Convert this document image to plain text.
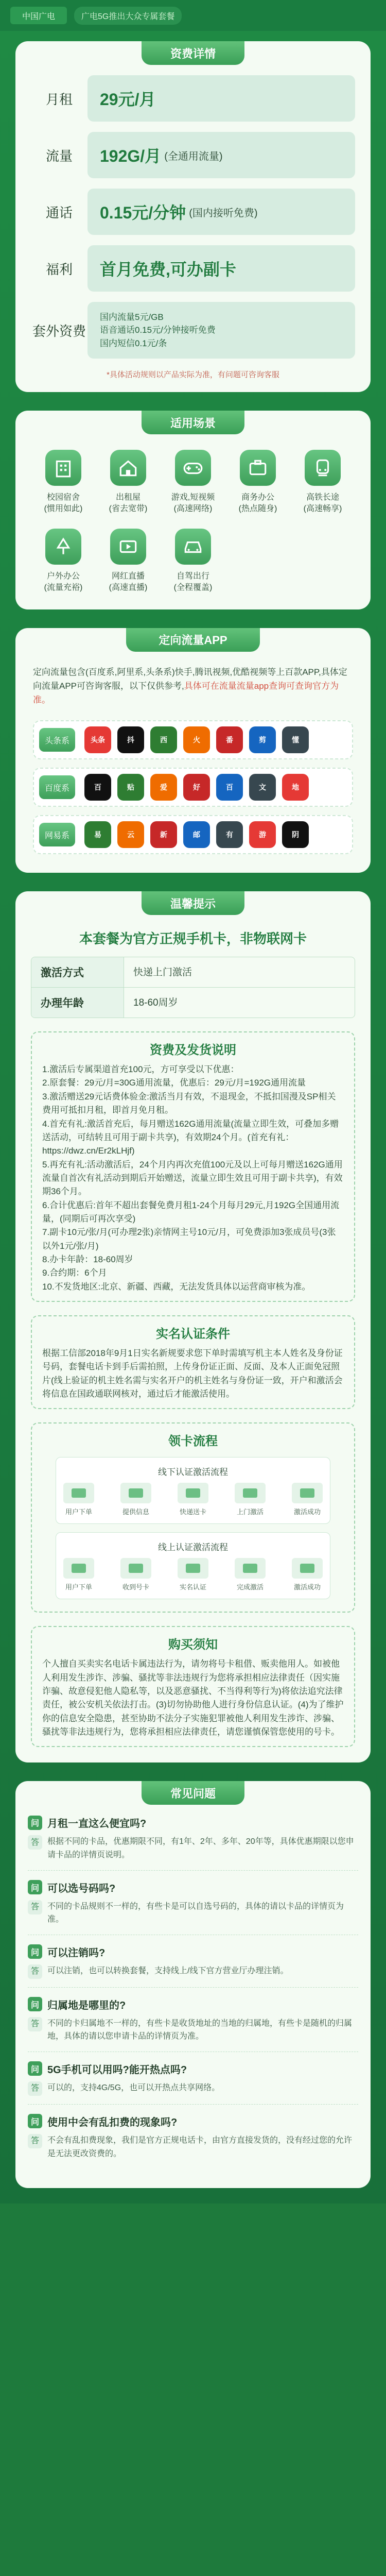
中国广电	广电5G推出大众专属套餐
资费详情
月租	29元/月
流量	192G/月 (全通用流量)
通话	0.15元/分钟 (国内接听免费)
福利	首月免费,可办副卡
套外资费
国内流量5元/GB
语音通话0.15元/分钟接听免费
国内短信0.1元/条
*具体活动规则以产品实际为准，有问题可咨询客服
适用场景
校园宿舍
(惯用如此)
出租屋
(省去宽带)
游戏,短视频
(高速网络)
商务办公
(热点随身)
高铁长途
(高速畅享)
户外办公
(流量充裕)
网红直播
(高速直播)
自驾出行
(全程覆盖)
定向流量APP
定向流量包含(百度系,阿里系,头条系)快手,腾讯视频,优酷视频等上百款APP,具体定向流量APP可咨询客服，以下仅供参考,具体可在流量流量app查询可查询官方为准。
头条系	头条	抖	西	火	番	剪	懂
百度系	百	贴	爱	好	百	文	地
网易系	易	云	新	邮	有	游	阴
温馨提示
本套餐为官方正规手机卡，非物联网卡
激活方式	快递上门激活
办理年龄	18-60周岁
资费及发货说明

1.激活后专属渠道首充100元，方可享受以下优惠：
2.原套餐：29元/月=30G通用流量，优惠后：29元/月=192G通用流量
3.激活赠送29元话费体验金:激活当月有效，不退现金，不抵扣国漫及SP相关费用可抵扣月租，即首月免月租。
4.首充有礼:激活首充后，每月赠送162G通用流量(流量立即生效，可叠加多赠送活动，可结转且可用于副卡共享)，有效期24个月。(首充有礼：https://dwz.cn/Er2kLHjf)
5.再充有礼:活动激活后，24个月内再次充值100元及以上可每月赠送162G通用流量自首次有礼活动到期后开始赠送，流量立即生效且可用于副卡共享)，有效期36个月。
6.合计优惠后:首年不超出套餐免费月租1-24个月每月29元,月192G全国通用流量，(同期后可再次享受)
7.副卡10元/张/月(可办理2张)亲情网主号10元/月，可免费添加3张成员号(3张以外1元/张/月)
8.办卡年龄：18-60周岁
9.合约期：6个月
10.不发货地区:北京、新疆、西藏，无法发货具体以运营商审核为准。

实名认证条件

根据工信部2018年9月1日实名新规要求您下单时需填写机主本人姓名及身份证号码，套餐电话卡到手后需拍照，上传身份证正面、反面、及本人正面免冠照片(线上验证的机主姓名需与实名开户的机主姓名与身份证一致，开户和激活会将信息在国政通联网核对，通过后才能激活使用。

领卡流程
线下认证激活流程
用户下单	提供信息	快递送卡	上门激活	激活成功
线上认证激活流程
用户下单	收到号卡	实名认证	完成激活	激活成功
购买须知

个人擅自买卖实名电话卡属违法行为，请勿将号卡租借、贩卖他用人。如被他人利用发生涉诈、涉骗、骚扰等非法违规行为您将承担相应法律责任（因实施诈骗、故意侵犯他人隐私等，以及恶意骚扰、不当得利等行为)将依法追究法律责任，被公安机关依法打击。(3)切勿协助他人进行身份信息认证。(4)为了维护你的信息安全隐患，甚至协助不法分子实施犯罪被他人利用发生涉诈、涉骗、骚扰等非法违规行为，您将承担相应法律责任，请您谨慎保管您使用的号卡。

常见问题
问 月租一直这么便宜吗?
答	根据不同的卡品，优惠期限不同，有1年、2年、多年、20年等，具体优惠期限以您申请卡品的详情页说明。
问 可以选号码吗?
答	不同的卡品规则不一样的，有些卡是可以自选号码的，具体的请以卡品的详情页为准。
问 可以注销吗?
答	可以注销，也可以转换套餐，支持线上/线下官方营业厅办理注销。
问 归属地是哪里的?
答	不同的卡归属地不一样的，有些卡是收货地址的当地的归属地，有些卡是随机的归属地，具体的请以您申请卡品的详情页为准。
问 5G手机可以用吗?能开热点吗?
答	可以的，支持4G/5G，也可以开热点共享网络。
问 使用中会有乱扣费的现象吗?
答	不会有乱扣费现象，我们是官方正规电话卡，由官方直接发货的，没有经过您的允许是无法更改资费的。
